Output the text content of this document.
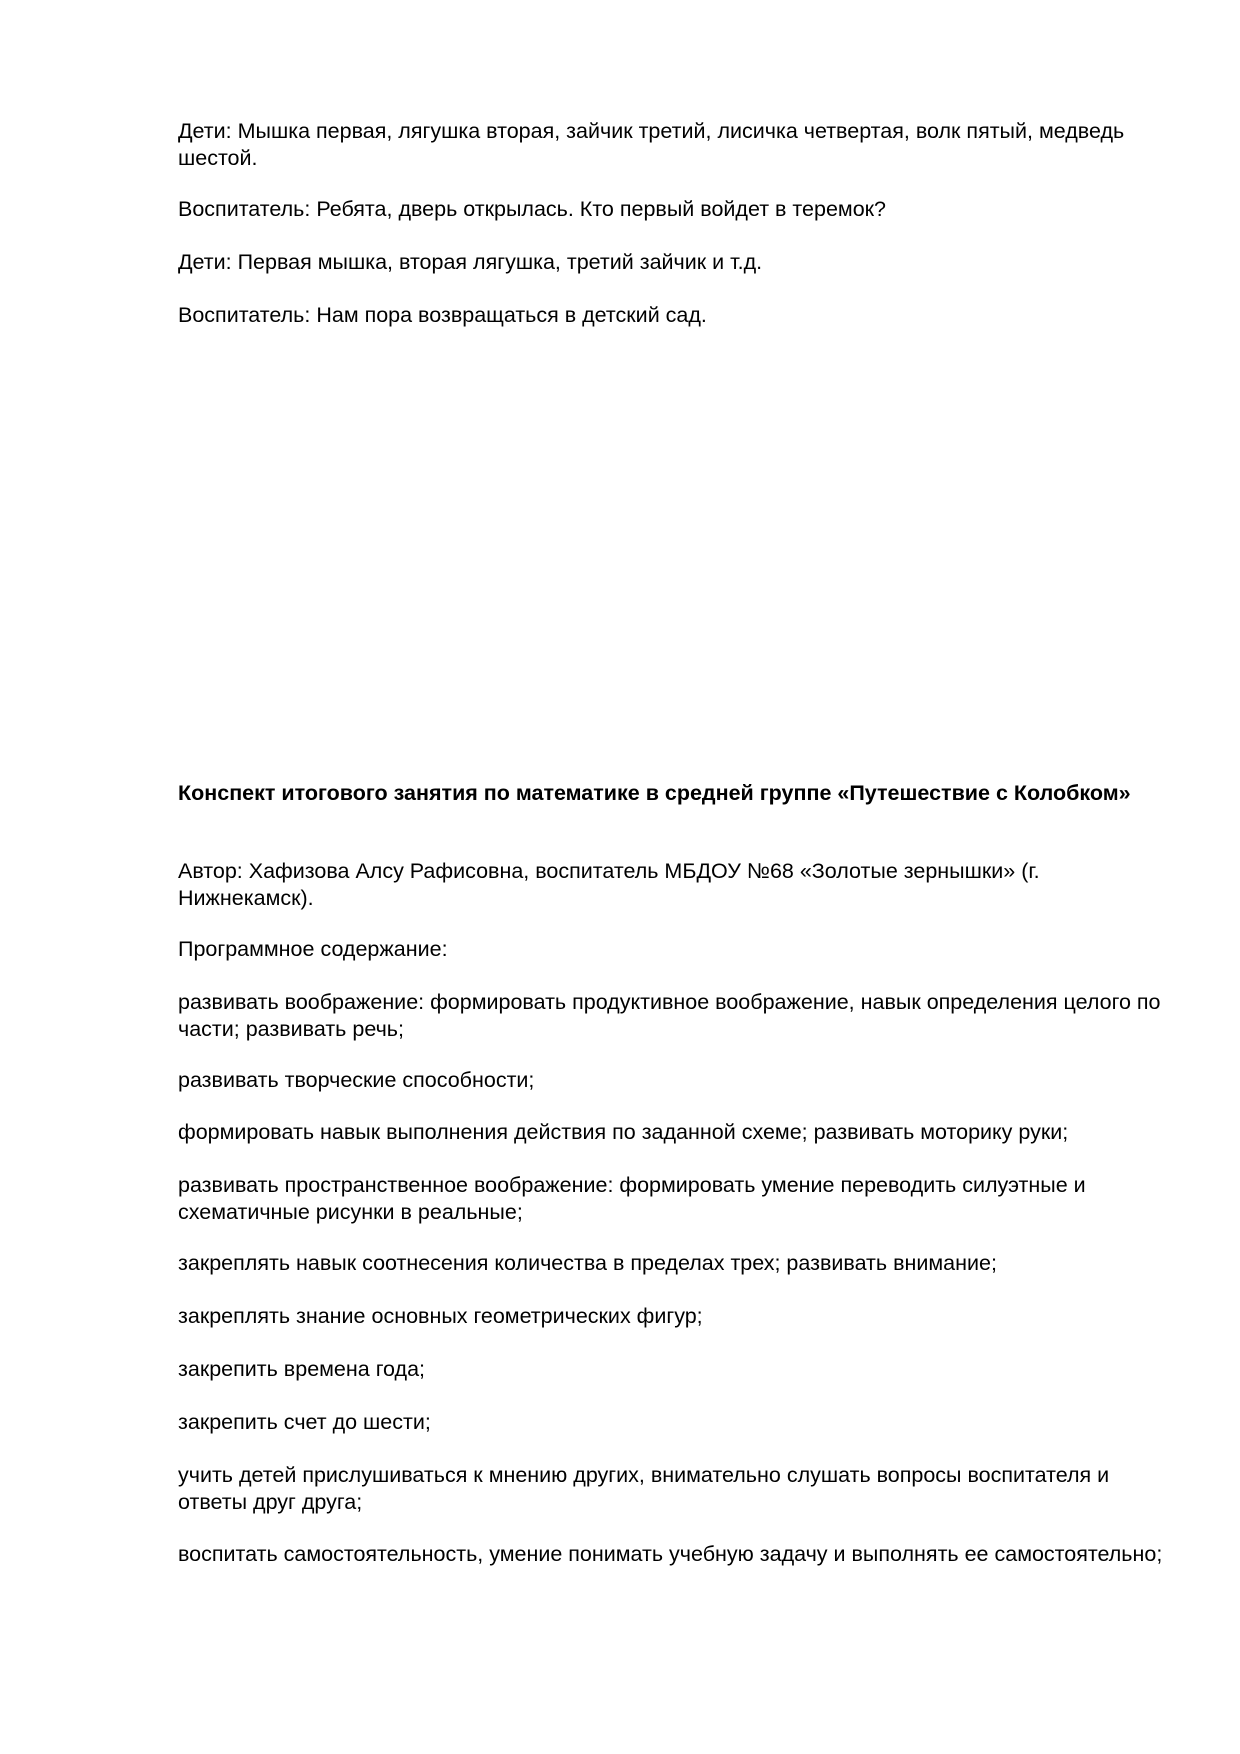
Дети: Мышка первая, лягушка вторая, зайчик третий, лисичка четвертая, волк пятый, медведь шестой.

Воспитатель: Ребята, дверь открылась. Кто первый войдет в теремок?

Дети: Первая мышка, вторая лягушка, третий зайчик и т.д.

Воспитатель: Нам пора возвращаться в детский сад.

Конспект итогового занятия по математике в средней группе «Путешествие с Колобком»

Автор: Хафизова Алсу Рафисовна, воспитатель МБДОУ №68 «Золотые зернышки» (г. Нижнекамск).

Программное содержание:

развивать воображение: формировать продуктивное воображение, навык определения целого по части; развивать речь;

развивать творческие способности;

формировать навык выполнения действия по заданной схеме; развивать моторику руки;

развивать пространственное воображение: формировать умение переводить силуэтные и схематичные рисунки в реальные;

закреплять навык соотнесения количества в пределах трех; развивать внимание;

закреплять знание основных геометрических фигур;

закрепить времена года;

закрепить счет до шести;

учить детей прислушиваться к мнению других, внимательно слушать вопросы воспитателя и ответы друг друга;

воспитать самостоятельность, умение понимать учебную задачу и выполнять ее самостоятельно;
